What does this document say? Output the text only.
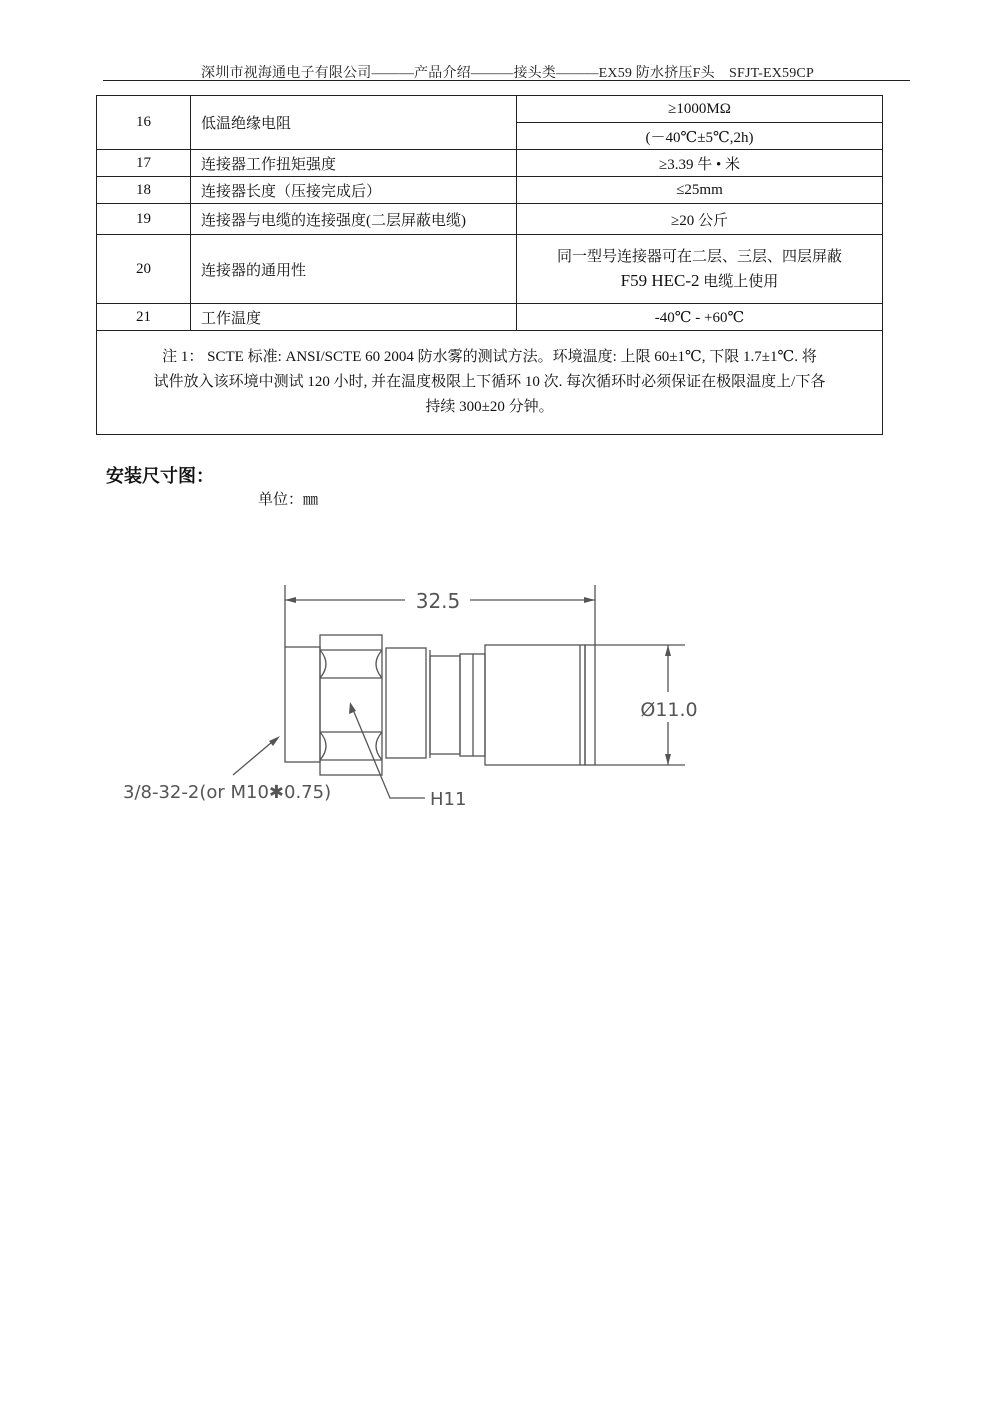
深圳市视海通电子有限公司———产品介绍———接头类———EX59 防水挤压F头　SFJT-EX59CP
16	低温绝缘电阻	≥1000MΩ
		(－40℃±5℃,2h)
17	连接器工作扭矩强度	≥3.39 牛 • 米
18	连接器长度（压接完成后）	≤25mm
19	连接器与电缆的连接强度(二层屏蔽电缆)	≥20 公斤
20	连接器的通用性	同一型号连接器可在二层、三层、四层屏蔽
F59 HEC-2 电缆上使用

21	工作温度	-40℃ - +60℃

注 1： SCTE 标准: ANSI/SCTE 60 2004 防水雾的测试方法。环境温度: 上限 60±1℃, 下限 1.7±1℃. 将
试件放入该环境中测试 120 小时, 并在温度极限上下循环 10 次. 每次循环时必须保证在极限温度上/下各
持续 300±20 分钟。		
安装尺寸图：
单位：㎜
32.5
Ø11.0
3/8-32-2(or M10✱0.75)	H11
